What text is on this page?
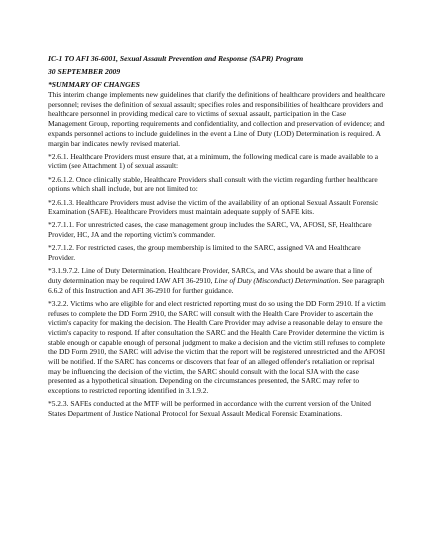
IC-1 TO AFI 36-6001, Sexual Assault Prevention and Response (SAPR) Program
30 SEPTEMBER 2009
*SUMMARY OF CHANGES

This interim change implements new guidelines that clarify the definitions of healthcare providers and healthcare personnel; revises the definition of sexual assault; specifies roles and responsibilities of healthcare providers and healthcare personnel in providing medical care to victims of sexual assault, participation in the Case Management Group, reporting requirements and confidentiality, and collection and preservation of evidence; and expands personnel actions to include guidelines in the event a Line of Duty (LOD) Determination is required. A margin bar indicates newly revised material.

*2.6.1. Healthcare Providers must ensure that, at a minimum, the following medical care is made available to a victim (see Attachment 1) of sexual assault:

*2.6.1.2. Once clinically stable, Healthcare Providers shall consult with the victim regarding further healthcare options which shall include, but are not limited to:

*2.6.1.3. Healthcare Providers must advise the victim of the availability of an optional Sexual Assault Forensic Examination (SAFE). Healthcare Providers must maintain adequate supply of SAFE kits.

*2.7.1.1. For unrestricted cases, the case management group includes the SARC, VA, AFOSI, SF, Healthcare Provider, HC, JA and the reporting victim's commander.

*2.7.1.2. For restricted cases, the group membership is limited to the SARC, assigned VA and Healthcare Provider.

*3.1.9.7.2. Line of Duty Determination. Healthcare Provider, SARCs, and VAs should be aware that a line of duty determination may be required IAW AFI 36-2910, Line of Duty (Misconduct) Determination. See paragraph 6.6.2 of this Instruction and AFI 36-2910 for further guidance.

*3.2.2. Victims who are eligible for and elect restricted reporting must do so using the DD Form 2910. If a victim refuses to complete the DD Form 2910, the SARC will consult with the Health Care Provider to ascertain the victim's capacity for making the decision. The Health Care Provider may advise a reasonable delay to ensure the victim's capacity to respond. If after consultation the SARC and the Health Care Provider determine the victim is stable enough or capable enough of personal judgment to make a decision and the victim still refuses to complete the DD Form 2910, the SARC will advise the victim that the report will be registered unrestricted and the AFOSI will be notified. If the SARC has concerns or discovers that fear of an alleged offender's retaliation or reprisal may be influencing the decision of the victim, the SARC should consult with the local SJA with the case presented as a hypothetical situation. Depending on the circumstances presented, the SARC may refer to exceptions to restricted reporting identified in 3.1.9.2.

*5.2.3. SAFEs conducted at the MTF will be performed in accordance with the current version of the United States Department of Justice National Protocol for Sexual Assault Medical Forensic Examinations.
